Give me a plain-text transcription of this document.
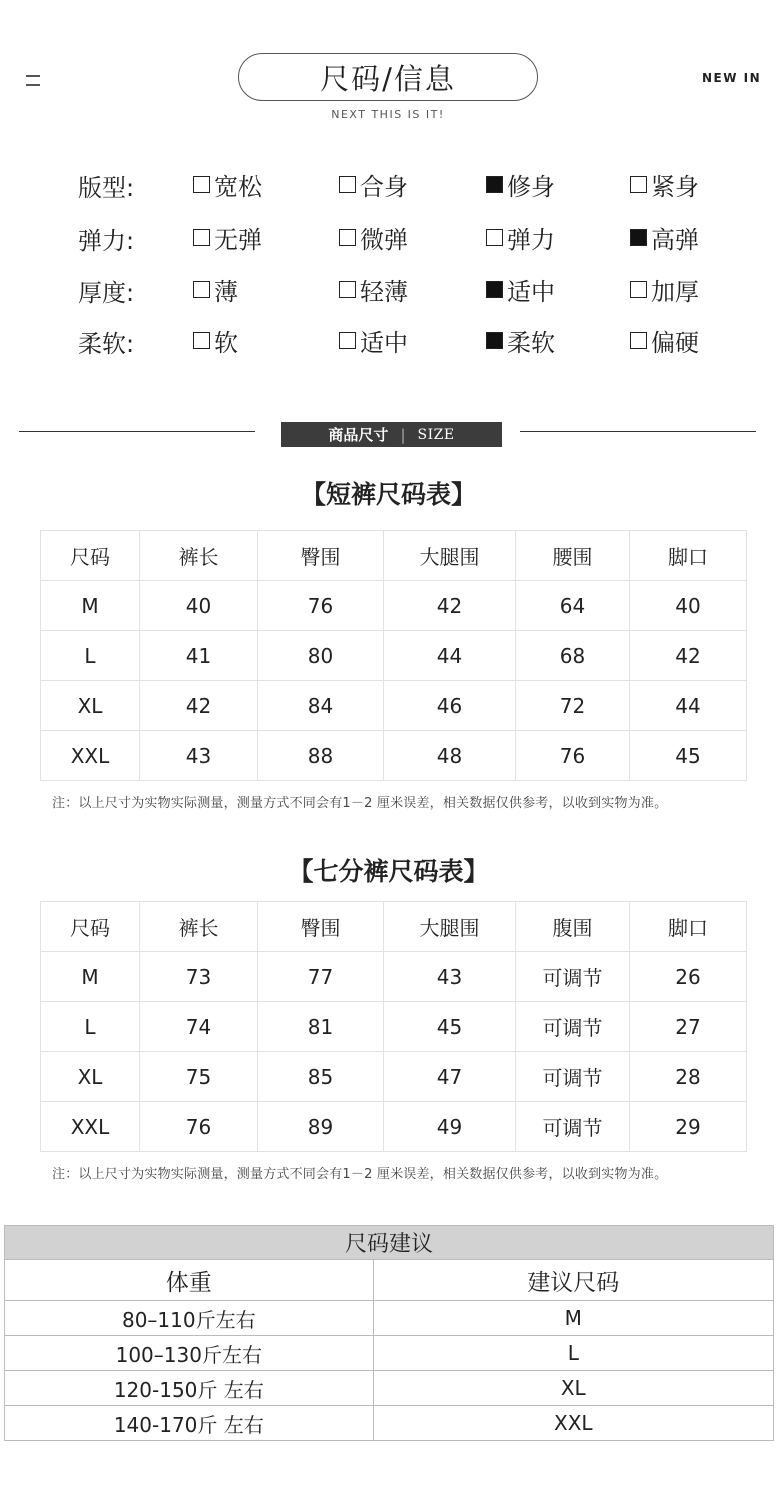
尺码/信息
NEXT THIS IS IT!
NEW IN
版型:	宽松	合身	修身	紧身
弹力:	无弹	微弹	弹力	高弹
厚度:	薄	轻薄	适中	加厚
柔软:	软	适中	柔软	偏硬
商品尺寸 | SIZE
【短裤尺码表】
尺码	裤长	臀围	大腿围	腰围	脚口
M	40	76	42	64	40
L	41	80	44	68	42
XL	42	84	46	72	44
XXL	43	88	48	76	45
注：以上尺寸为实物实际测量，测量方式不同会有1－2 厘米误差，相关数据仅供参考，以收到实物为准。
【七分裤尺码表】
尺码	裤长	臀围	大腿围	腹围	脚口
M	73	77	43	可调节	26
L	74	81	45	可调节	27
XL	75	85	47	可调节	28
XXL	76	89	49	可调节	29
注：以上尺寸为实物实际测量，测量方式不同会有1－2 厘米误差，相关数据仅供参考，以收到实物为准。
尺码建议	
体重	建议尺码
80–110斤左右	M
100–130斤左右	L
120-150斤 左右	XL
140-170斤 左右	XXL
